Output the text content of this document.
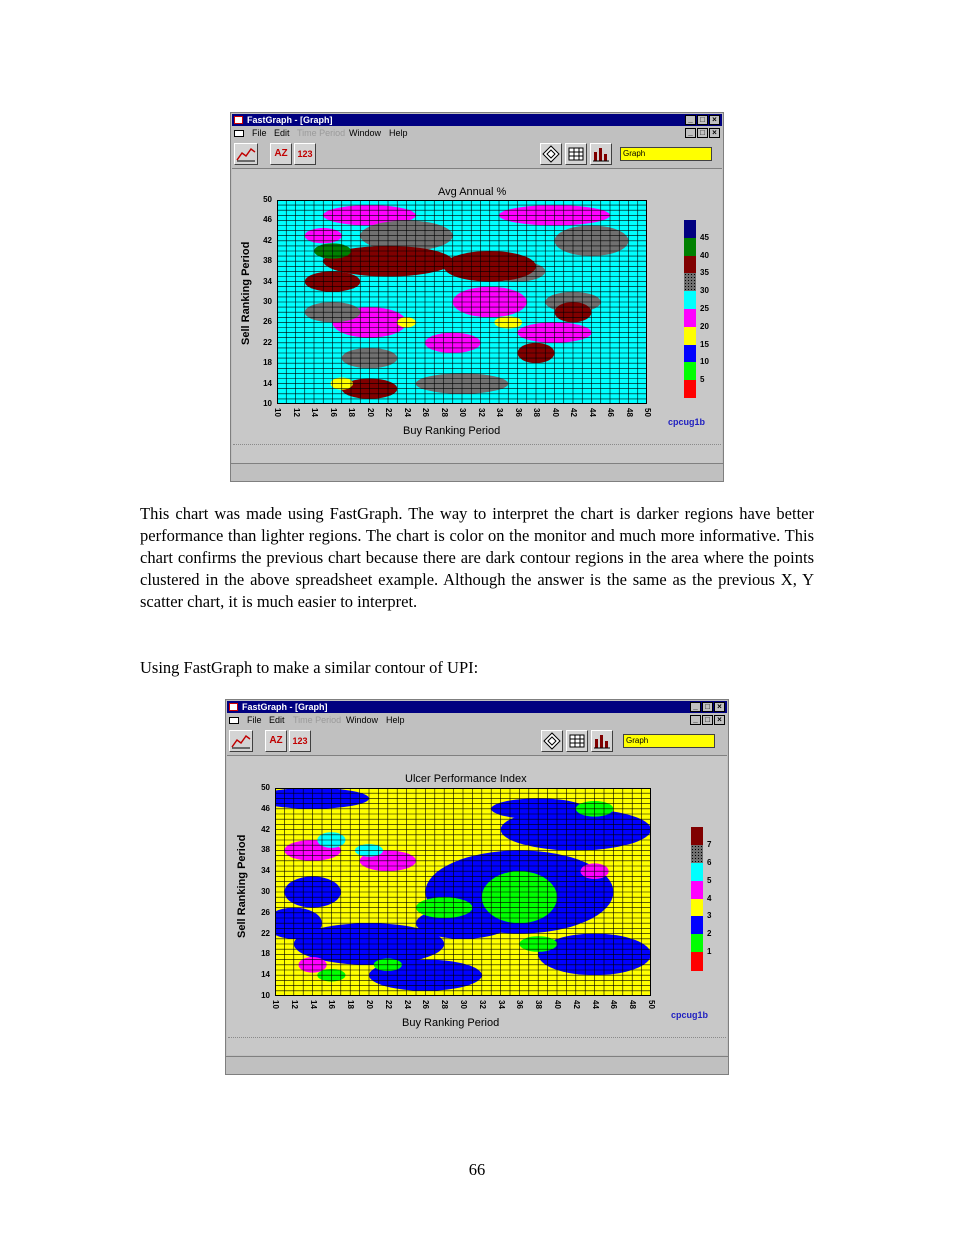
FastGraph - [Graph]	_ □ ×
File Edit Time Period Window Help	_ □ ×
AZ	123	Graph
Avg Annual %
Sell Ranking Period
50
46
42
38
34
30
26
22
18
14
10
10 12 14 16 18 20 22 24 26 28 30 32 34 36 38 40 42 44 46 48 50
Buy Ranking Period
45
40
35
30
25
20
15
10
5
cpcug1b

This chart was made using FastGraph. The way to interpret the chart is darker regions have better performance than lighter regions. The chart is color on the monitor and much more informative. This chart confirms the previous chart because there are dark contour regions in the area where the points clustered in the above spreadsheet example. Although the answer is the same as the previous X, Y scatter chart, it is much easier to interpret.

Using FastGraph to make a similar contour of UPI:

FastGraph - [Graph]	_ □ ×
File Edit Time Period Window Help	_ □ ×
AZ	123	Graph
Ulcer Performance Index
Sell Ranking Period
50
46
42
38
34
30
26
22
18
14
10
10 12 14 16 18 20 22 24 26 28 30 32 34 36 38 40 42 44 46 48 50
Buy Ranking Period
7
6
5
4
3
2
1
cpcug1b
66
